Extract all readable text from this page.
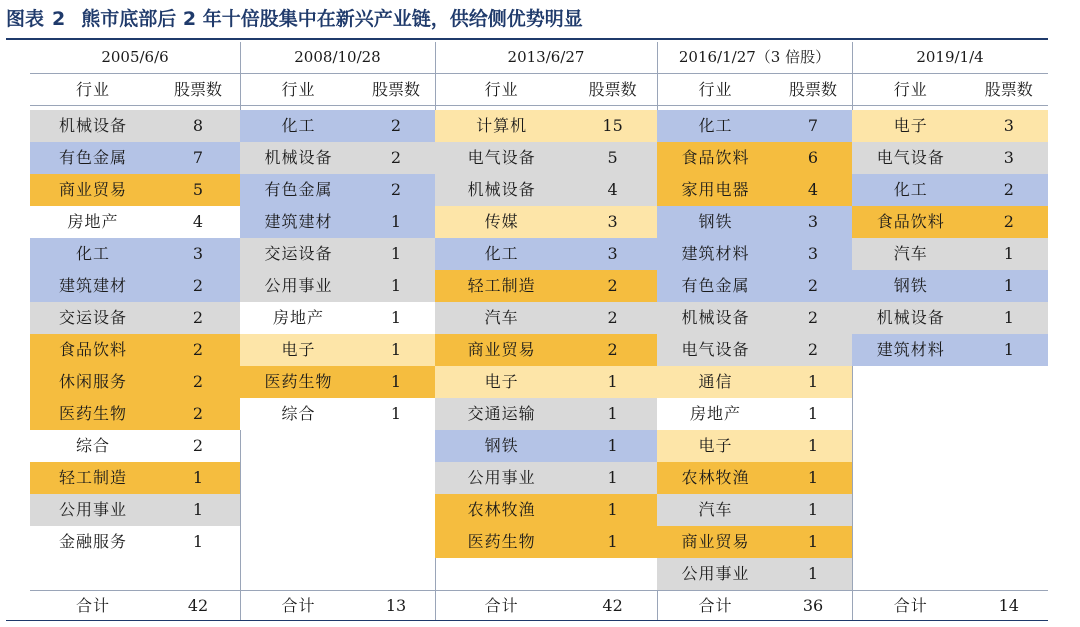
图表 2 熊市底部后 2 年十倍股集中在新兴产业链，供给侧优势明显
2005/6/6
行业	股票数
机械设备	8
有色金属	7
商业贸易	5
房地产	4
化工	3
建筑建材	2
交运设备	2
食品饮料	2
休闲服务	2
医药生物	2
综合	2
轻工制造	1
公用事业	1
金融服务	1
合计	42
2008/10/28
行业	股票数
化工	2
机械设备	2
有色金属	2
建筑建材	1
交运设备	1
公用事业	1
房地产	1
电子	1
医药生物	1
综合	1
合计	13
2013/6/27
行业	股票数
计算机	15
电气设备	5
机械设备	4
传媒	3
化工	3
轻工制造	2
汽车	2
商业贸易	2
电子	1
交通运输	1
钢铁	1
公用事业	1
农林牧渔	1
医药生物	1
合计	42
2016/1/27（3 倍股）
行业	股票数
化工	7
食品饮料	6
家用电器	4
钢铁	3
建筑材料	3
有色金属	2
机械设备	2
电气设备	2
通信	1
房地产	1
电子	1
农林牧渔	1
汽车	1
商业贸易	1
公用事业	1
合计	36
2019/1/4
行业	股票数
电子	3
电气设备	3
化工	2
食品饮料	2
汽车	1
钢铁	1
机械设备	1
建筑材料	1
合计	14
